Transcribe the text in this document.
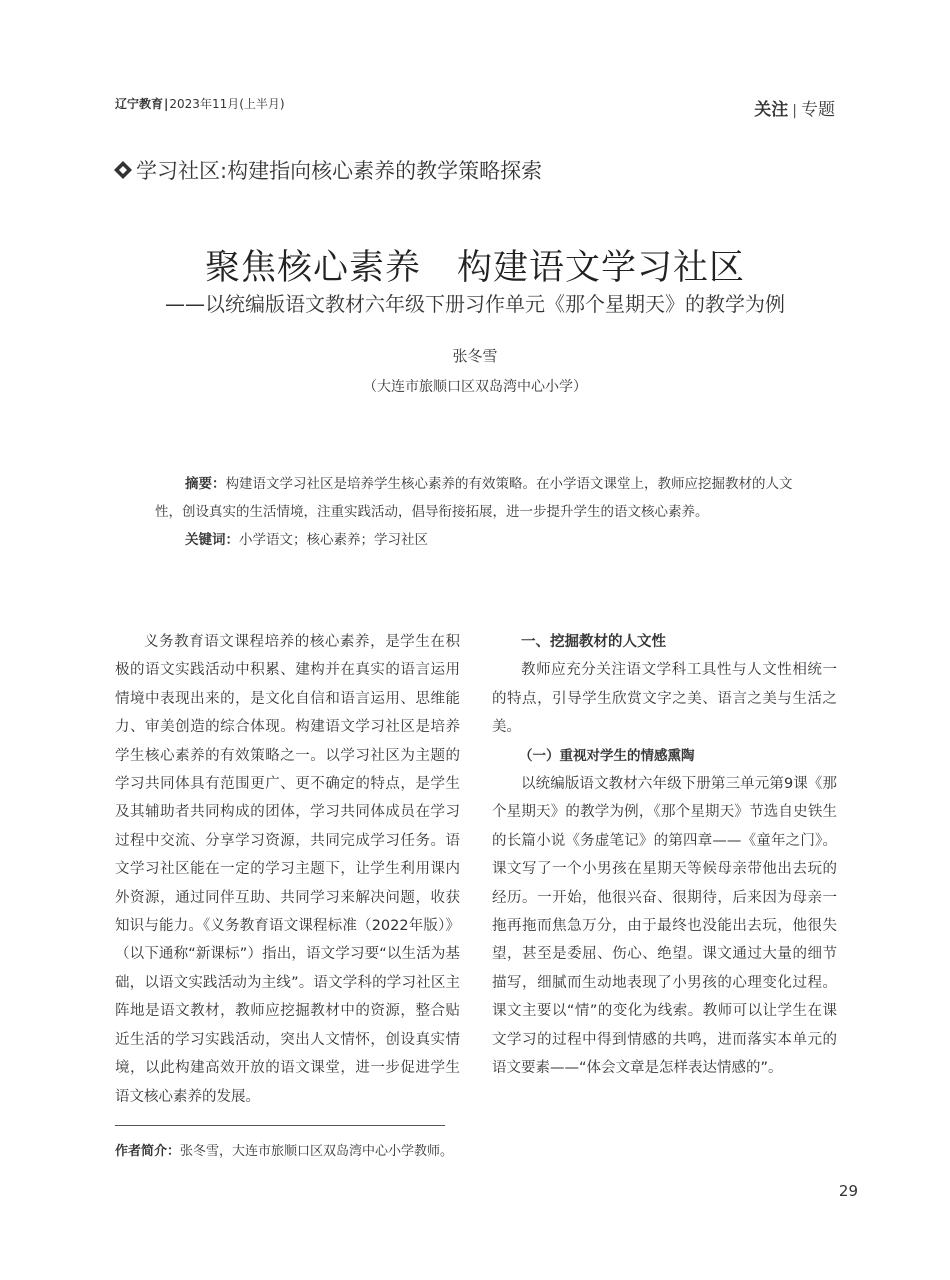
辽宁教育|2023年11月(上半月)	关注 | 专题
学习社区:构建指向核心素养的教学策略探索
聚焦核心素养 构建语文学习社区
——以统编版语文教材六年级下册习作单元《那个星期天》的教学为例
张冬雪
（大连市旅顺口区双岛湾中心小学）
摘要：构建语文学习社区是培养学生核心素养的有效策略。在小学语文课堂上，教师应挖掘教材的人文性，创设真实的生活情境，注重实践活动，倡导衔接拓展，进一步提升学生的语文核心素养。
关键词：小学语文；核心素养；学习社区

义务教育语文课程培养的核心素养，是学生在积极的语文实践活动中积累、建构并在真实的语言运用情境中表现出来的，是文化自信和语言运用、思维能力、审美创造的综合体现。构建语文学习社区是培养学生核心素养的有效策略之一。以学习社区为主题的学习共同体具有范围更广、更不确定的特点，是学生及其辅助者共同构成的团体，学习共同体成员在学习过程中交流、分享学习资源，共同完成学习任务。语文学习社区能在一定的学习主题下，让学生利用课内外资源，通过同伴互助、共同学习来解决问题，收获知识与能力。《义务教育语文课程标准（2022年版）》（以下通称“新课标”）指出，语文学习要“以生活为基础，以语文实践活动为主线”。语文学科的学习社区主阵地是语文教材，教师应挖掘教材中的资源，整合贴近生活的学习实践活动，突出人文情怀，创设真实情境，以此构建高效开放的语文课堂，进一步促进学生语文核心素养的发展。

一、挖掘教材的人文性

教师应充分关注语文学科工具性与人文性相统一的特点，引导学生欣赏文字之美、语言之美与生活之美。

（一）重视对学生的情感熏陶

以统编版语文教材六年级下册第三单元第9课《那个星期天》的教学为例，《那个星期天》节选自史铁生的长篇小说《务虚笔记》的第四章——《童年之门》。课文写了一个小男孩在星期天等候母亲带他出去玩的经历。一开始，他很兴奋、很期待，后来因为母亲一拖再拖而焦急万分，由于最终也没能出去玩，他很失望，甚至是委屈、伤心、绝望。课文通过大量的细节描写，细腻而生动地表现了小男孩的心理变化过程。课文主要以“情”的变化为线索。教师可以让学生在课文学习的过程中得到情感的共鸣，进而落实本单元的语文要素——“体会文章是怎样表达情感的”。

作者简介：张冬雪，大连市旅顺口区双岛湾中心小学教师。
29
